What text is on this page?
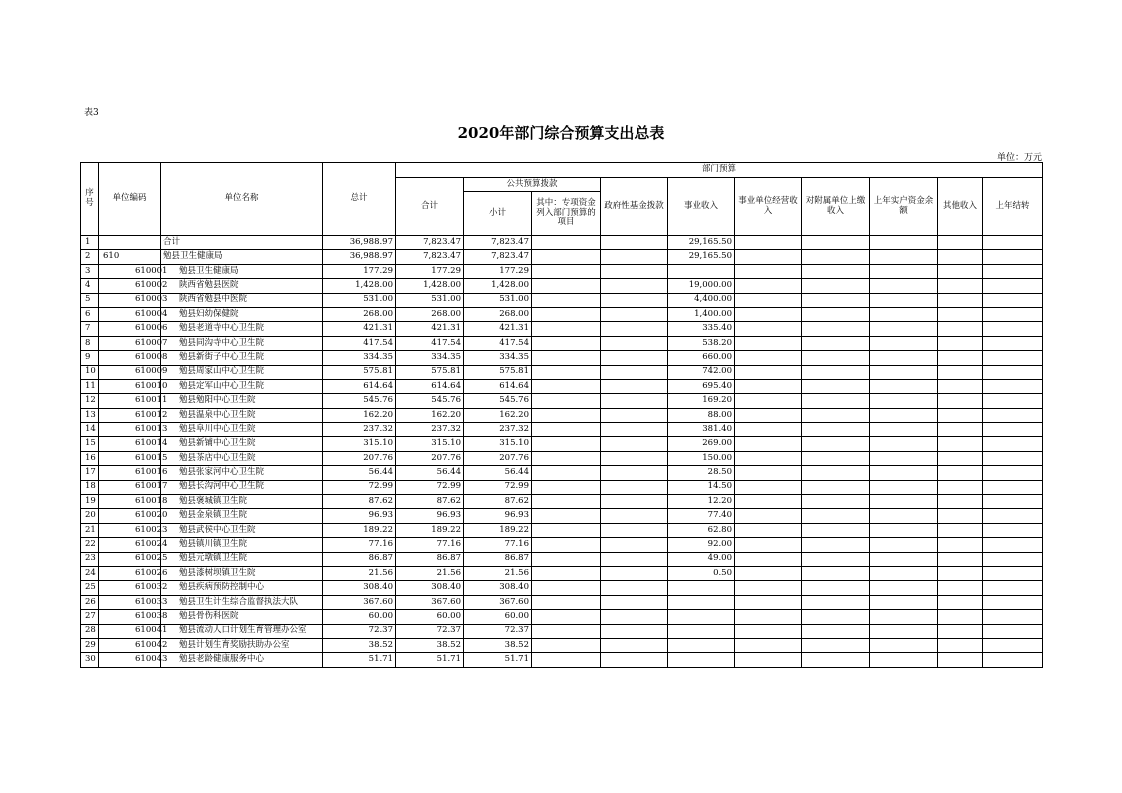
表3
2020年部门综合预算支出总表
单位：万元
序号	单位编码	单位名称	总计	部门预算									
				合计	公共预算拨款		政府性基金拨款	事业收入	事业单位经营收入	对附属单位上缴收入	上年实户资金余额	其他收入	上年结转
					小计	其中：专项资金列入部门预算的项目							
1		合计	36,988.97	7,823.47	7,823.47			29,165.50					
2	610	勉县卫生健康局	36,988.97	7,823.47	7,823.47			29,165.50					
3	610001	勉县卫生健康局	177.29	177.29	177.29								
4	610002	陕西省勉县医院	1,428.00	1,428.00	1,428.00			19,000.00					
5	610003	陕西省勉县中医院	531.00	531.00	531.00			4,400.00					
6	610004	勉县妇幼保健院	268.00	268.00	268.00			1,400.00					
7	610006	勉县老道寺中心卫生院	421.31	421.31	421.31			335.40					
8	610007	勉县同沟寺中心卫生院	417.54	417.54	417.54			538.20					
9	610008	勉县新街子中心卫生院	334.35	334.35	334.35			660.00					
10	610009	勉县周家山中心卫生院	575.81	575.81	575.81			742.00					
11	610010	勉县定军山中心卫生院	614.64	614.64	614.64			695.40					
12	610011	勉县勉阳中心卫生院	545.76	545.76	545.76			169.20					
13	610012	勉县温泉中心卫生院	162.20	162.20	162.20			88.00					
14	610013	勉县阜川中心卫生院	237.32	237.32	237.32			381.40					
15	610014	勉县新铺中心卫生院	315.10	315.10	315.10			269.00					
16	610015	勉县茶店中心卫生院	207.76	207.76	207.76			150.00					
17	610016	勉县张家河中心卫生院	56.44	56.44	56.44			28.50					
18	610017	勉县长沟河中心卫生院	72.99	72.99	72.99			14.50					
19	610018	勉县褒城镇卫生院	87.62	87.62	87.62			12.20					
20	610020	勉县金泉镇卫生院	96.93	96.93	96.93			77.40					
21	610023	勉县武侯中心卫生院	189.22	189.22	189.22			62.80					
22	610024	勉县镇川镇卫生院	77.16	77.16	77.16			92.00					
23	610025	勉县元墩镇卫生院	86.87	86.87	86.87			49.00					
24	610026	勉县漆树坝镇卫生院	21.56	21.56	21.56			0.50					
25	610032	勉县疾病预防控制中心	308.40	308.40	308.40								
26	610033	勉县卫生计生综合监督执法大队	367.60	367.60	367.60								
27	610038	勉县骨伤科医院	60.00	60.00	60.00								
28	610041	勉县流动人口计划生育管理办公室	72.37	72.37	72.37								
29	610042	勉县计划生育奖励扶助办公室	38.52	38.52	38.52								
30	610043	勉县老龄健康服务中心	51.71	51.71	51.71								
